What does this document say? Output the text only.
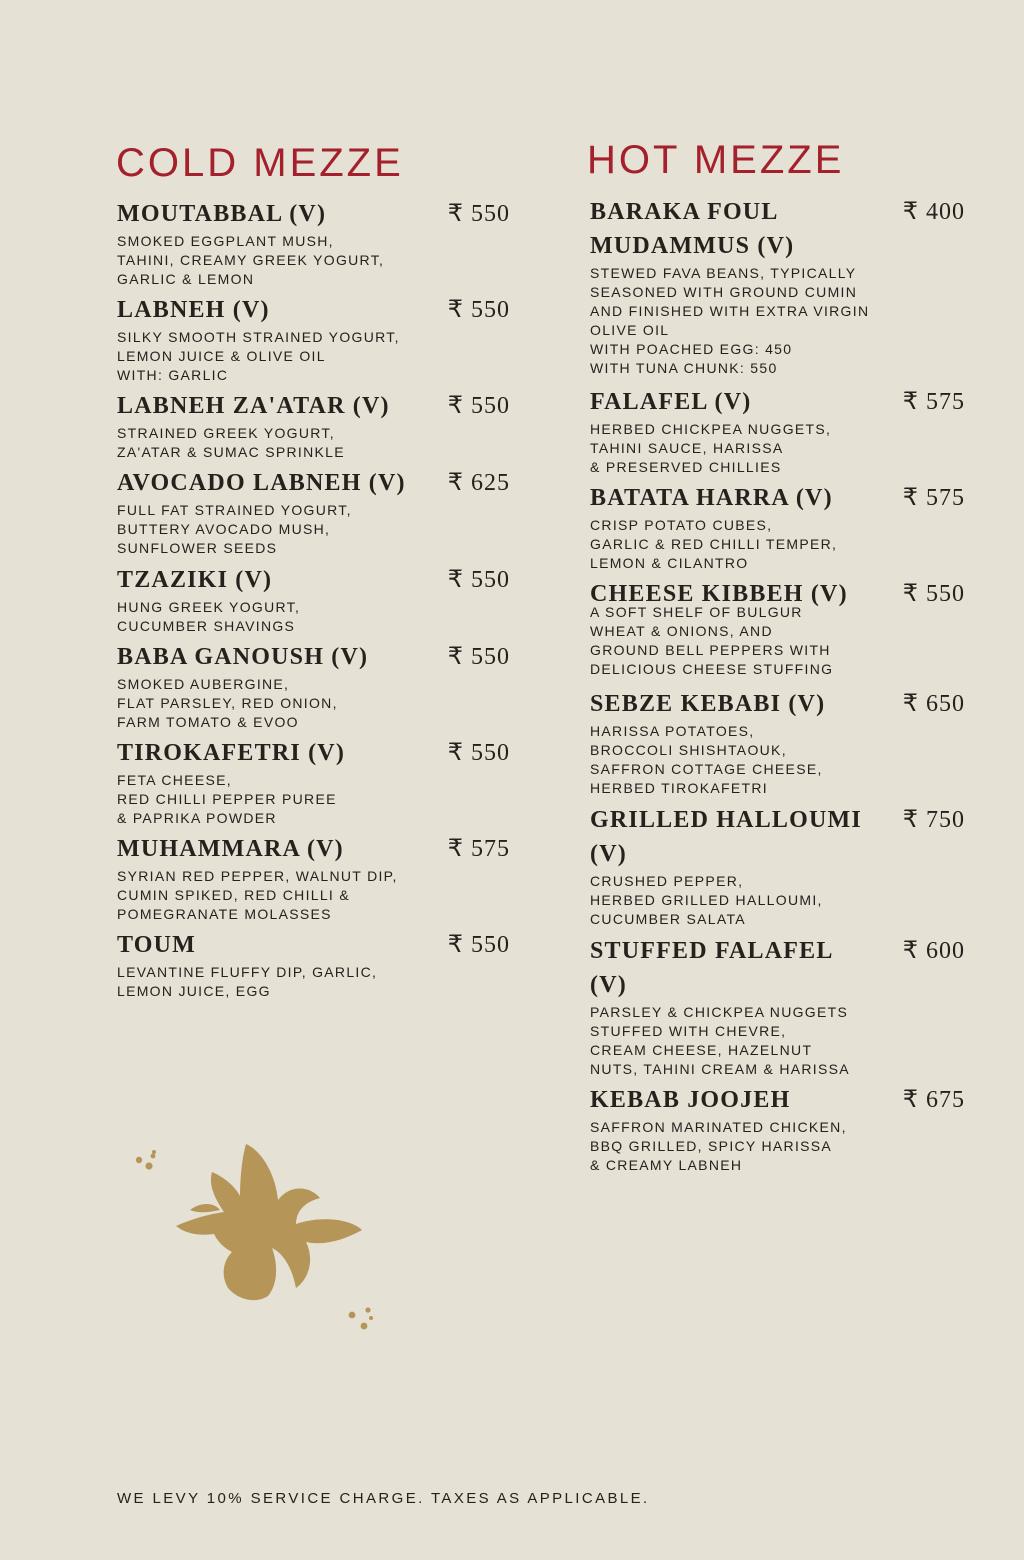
COLD MEZZE	HOT MEZZE
MOUTABBAL (V)	₹ 550
SMOKED EGGPLANT MUSH,
TAHINI, CREAMY GREEK YOGURT,
GARLIC & LEMON
LABNEH (V)	₹ 550
SILKY SMOOTH STRAINED YOGURT,
LEMON JUICE & OLIVE OIL
WITH: GARLIC
LABNEH ZA'ATAR (V) ₹ 550
STRAINED GREEK YOGURT,
ZA'ATAR & SUMAC SPRINKLE
AVOCADO LABNEH (V) ₹ 625
FULL FAT STRAINED YOGURT,
BUTTERY AVOCADO MUSH,
SUNFLOWER SEEDS
TZAZIKI (V)	₹ 550
HUNG GREEK YOGURT,
CUCUMBER SHAVINGS
BABA GANOUSH (V)	₹ 550
SMOKED AUBERGINE,
FLAT PARSLEY, RED ONION,
FARM TOMATO & EVOO
TIROKAFETRI (V)	₹ 550
FETA CHEESE,
RED CHILLI PEPPER PUREE
& PAPRIKA POWDER
MUHAMMARA (V)	₹ 575
SYRIAN RED PEPPER, WALNUT DIP,
CUMIN SPIKED, RED CHILLI &
POMEGRANATE MOLASSES
TOUM	₹ 550
LEVANTINE FLUFFY DIP, GARLIC,
LEMON JUICE, EGG
BARAKA FOUL	₹ 400
MUDAMMUS (V)
STEWED FAVA BEANS, TYPICALLY
SEASONED WITH GROUND CUMIN
AND FINISHED WITH EXTRA VIRGIN
OLIVE OIL
WITH POACHED EGG: 450
WITH TUNA CHUNK: 550
FALAFEL (V)	₹ 575
HERBED CHICKPEA NUGGETS,
TAHINI SAUCE, HARISSA
& PRESERVED CHILLIES
BATATA HARRA (V)	₹ 575
CRISP POTATO CUBES,
GARLIC & RED CHILLI TEMPER,
LEMON & CILANTRO
CHEESE KIBBEH (V) ₹ 550
A SOFT SHELF OF BULGUR
WHEAT & ONIONS, AND
GROUND BELL PEPPERS WITH
DELICIOUS CHEESE STUFFING
SEBZE KEBABI (V)	₹ 650
HARISSA POTATOES,
BROCCOLI SHISHTAOUK,
SAFFRON COTTAGE CHEESE,
HERBED TIROKAFETRI
GRILLED HALLOUMI ₹ 750
(V)
CRUSHED PEPPER,
HERBED GRILLED HALLOUMI,
CUCUMBER SALATA
STUFFED FALAFEL	₹ 600
(V)
PARSLEY & CHICKPEA NUGGETS
STUFFED WITH CHEVRE,
CREAM CHEESE, HAZELNUT
NUTS, TAHINI CREAM & HARISSA
KEBAB JOOJEH	₹ 675
SAFFRON MARINATED CHICKEN,
BBQ GRILLED, SPICY HARISSA
& CREAMY LABNEH
WE LEVY 10% SERVICE CHARGE. TAXES AS APPLICABLE.
